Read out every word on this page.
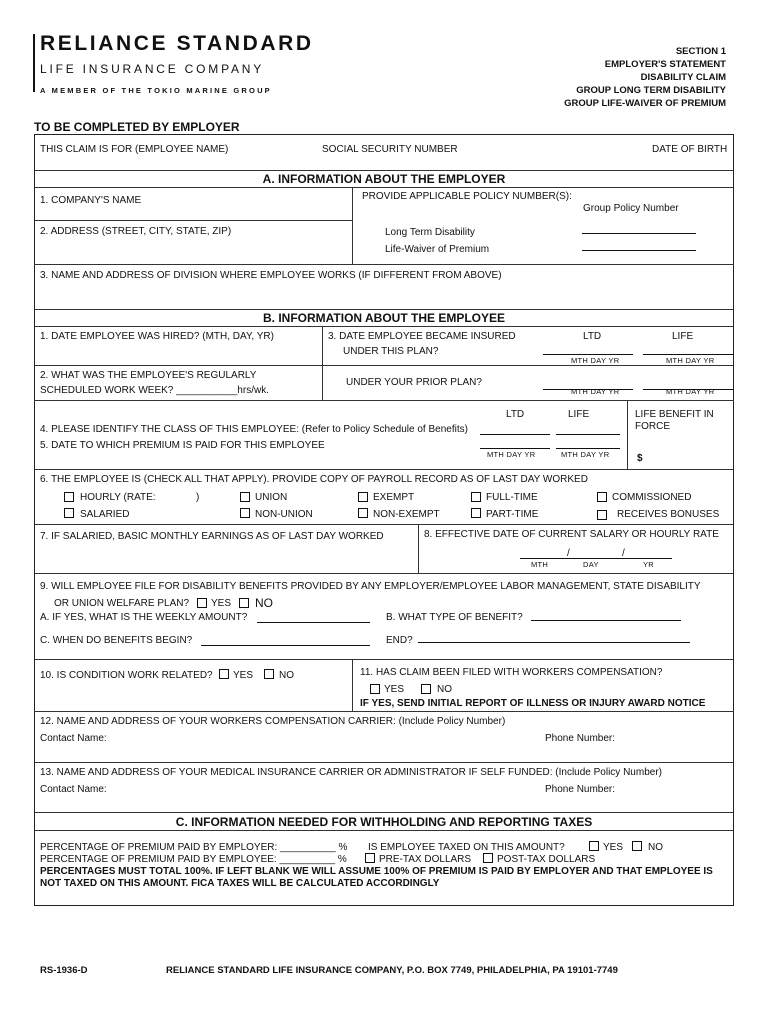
RELIANCE STANDARD
LIFE INSURANCE COMPANY
A MEMBER OF THE TOKIO MARINE GROUP
SECTION 1
EMPLOYER'S STATEMENT
DISABILITY CLAIM
GROUP LONG TERM DISABILITY
GROUP LIFE-WAIVER OF PREMIUM
TO BE COMPLETED BY EMPLOYER
THIS CLAIM IS FOR (EMPLOYEE NAME)	SOCIAL SECURITY NUMBER	DATE OF BIRTH
A. INFORMATION ABOUT THE EMPLOYER
1. COMPANY'S NAME	PROVIDE APPLICABLE POLICY NUMBER(S):
Group Policy Number
2. ADDRESS (STREET, CITY, STATE, ZIP)	Long Term Disability
Life-Waiver of Premium
3. NAME AND ADDRESS OF DIVISION WHERE EMPLOYEE WORKS (IF DIFFERENT FROM ABOVE)
B. INFORMATION ABOUT THE EMPLOYEE
1. DATE EMPLOYEE WAS HIRED? (MTH, DAY, YR)	3. DATE EMPLOYEE BECAME INSURED
UNDER THIS PLAN?
LTD	LIFE
MTH DAY YR	MTH DAY YR
2. WHAT WAS THE EMPLOYEE'S REGULARLY
SCHEDULED WORK WEEK? ___________hrs/wk.
UNDER YOUR PRIOR PLAN?
MTH DAY YR	MTH DAY YR
LTD	LIFE	LIFE BENEFIT IN
FORCE
4. PLEASE IDENTIFY THE CLASS OF THIS EMPLOYEE: (Refer to Policy Schedule of Benefits)
5. DATE TO WHICH PREMIUM IS PAID FOR THIS EMPLOYEE
MTH DAY YR	MTH DAY YR	$
6. THE EMPLOYEE IS (CHECK ALL THAT APPLY). PROVIDE COPY OF PAYROLL RECORD AS OF LAST DAY WORKED
HOURLY (RATE:	)	UNION	EXEMPT	FULL-TIME	COMMISSIONED
SALARIED	NON-UNION	NON-EXEMPT	PART-TIME	RECEIVES BONUSES
7. IF SALARIED, BASIC MONTHLY EARNINGS AS OF LAST DAY WORKED	8. EFFECTIVE DATE OF CURRENT SALARY OR HOURLY RATE
/	/
MTH	DAY	YR
9. WILL EMPLOYEE FILE FOR DISABILITY BENEFITS PROVIDED BY ANY EMPLOYER/EMPLOYEE LABOR MANAGEMENT, STATE DISABILITY
OR UNION WELFARE PLAN? YES NO
A. IF YES, WHAT IS THE WEEKLY AMOUNT?	B. WHAT TYPE OF BENEFIT?
C. WHEN DO BENEFITS BEGIN?	END?
10. IS CONDITION WORK RELATED? YES	NO	11. HAS CLAIM BEEN FILED WITH WORKERS COMPENSATION?
YES	NO
IF YES, SEND INITIAL REPORT OF ILLNESS OR INJURY AWARD NOTICE
12. NAME AND ADDRESS OF YOUR WORKERS COMPENSATION CARRIER: (Include Policy Number)
Contact Name:	Phone Number:
13. NAME AND ADDRESS OF YOUR MEDICAL INSURANCE CARRIER OR ADMINISTRATOR IF SELF FUNDED: (Include Policy Number)
Contact Name:	Phone Number:
C. INFORMATION NEEDED FOR WITHHOLDING AND REPORTING TAXES
PERCENTAGE OF PREMIUM PAID BY EMPLOYER: __________ % IS EMPLOYEE TAXED ON THIS AMOUNT?	YES NO
PERCENTAGE OF PREMIUM PAID BY EMPLOYEE: __________ %	PRE-TAX DOLLARS	POST-TAX DOLLARS
PERCENTAGES MUST TOTAL 100%. IF LEFT BLANK WE WILL ASSUME 100% OF PREMIUM IS PAID BY EMPLOYER AND THAT EMPLOYEE IS
NOT TAXED ON THIS AMOUNT. FICA TAXES WILL BE CALCULATED ACCORDINGLY
RS-1936-D	RELIANCE STANDARD LIFE INSURANCE COMPANY, P.O. BOX 7749, PHILADELPHIA, PA 19101-7749
